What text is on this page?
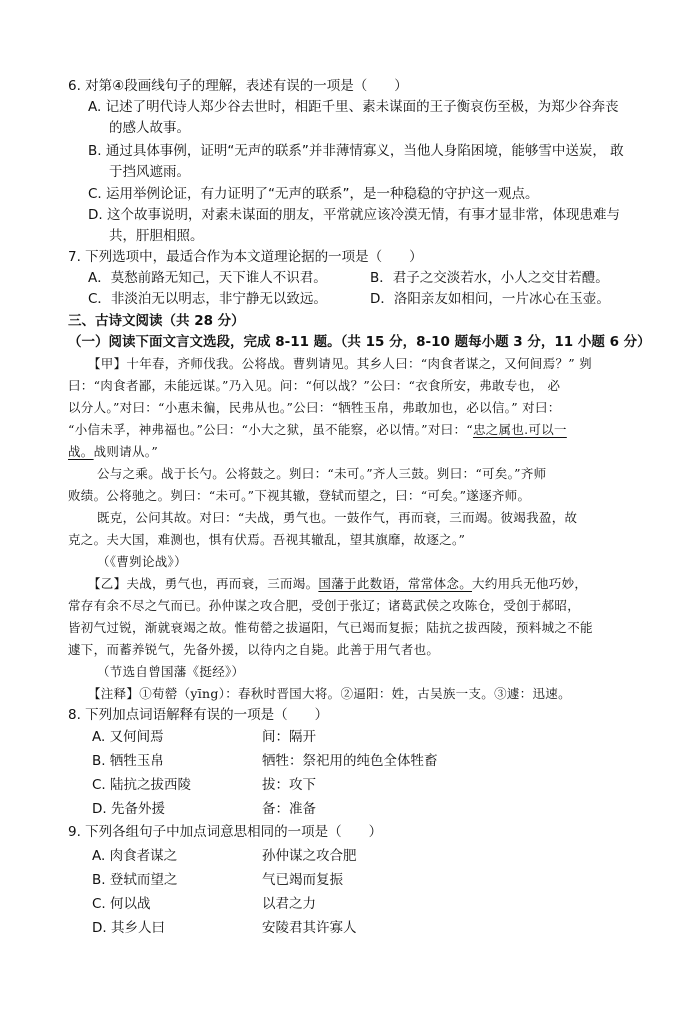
6. 对第④段画线句子的理解，表述有误的一项是（　　）
A. 记述了明代诗人郑少谷去世时，相距千里、素未谋面的王子衡哀伤至极，为郑少谷奔丧
的感人故事。
B. 通过具体事例，证明“无声的联系”并非薄情寡义，当他人身陷困境，能够雪中送炭， 敢
于挡风遮雨。
C. 运用举例论证，有力证明了“无声的联系”，是一种稳稳的守护这一观点。
D. 这个故事说明，对素未谋面的朋友，平常就应该冷漠无情，有事才显非常，体现患难与
共，肝胆相照。
7. 下列选项中，最适合作为本文道理论据的一项是（　　）
A．莫愁前路无知己，天下谁人不识君。	B．君子之交淡若水，小人之交甘若醴。
C．非淡泊无以明志，非宁静无以致远。	D．洛阳亲友如相问，一片冰心在玉壶。
三、古诗文阅读（共 28 分）
（一）阅读下面文言文选段，完成 8-11 题。（共 15 分，8-10 题每小题 3 分，11 小题 6 分）
【甲】十年春，齐师伐我。公将战。曹刿请见。其乡人曰：“肉食者谋之，又何间焉？” 刿
曰：“肉食者鄙，未能远谋。”乃入见。问：“何以战？”公曰：“衣食所安，弗敢专也， 必
以分人。”对曰：“小惠未徧，民弗从也。”公曰：“牺牲玉帛，弗敢加也，必以信。” 对曰：
“小信未孚，神弗福也。”公曰：“小大之狱，虽不能察，必以情。”对曰：“忠之属也.可以一
战。战则请从。”
公与之乘。战于长勺。公将鼓之。刿曰：“未可。”齐人三鼓。刿曰：“可矣。”齐师
败绩。公将驰之。刿曰：“未可。”下视其辙，登轼而望之，曰：“可矣。”遂逐齐师。
既克，公问其故。对曰：“夫战，勇气也。一鼓作气，再而衰，三而竭。彼竭我盈，故
克之。夫大国，难测也，惧有伏焉。吾视其辙乱，望其旗靡，故逐之。”
（《曹刿论战》）
【乙】夫战，勇气也，再而衰，三而竭。国藩于此数语，常常体念。大约用兵无他巧妙，
常存有余不尽之气而已。孙仲谋之攻合肥，受创于张辽；诸葛武侯之攻陈仓，受创于郝昭，
皆初气过锐，渐就衰竭之故。惟荀罃之拔逼阳，气已竭而复振；陆抗之拔西陵，预料城之不能
遽下，而蓄养锐气，先备外援，以待内之自毙。此善于用气者也。
（节选自曾国藩《挺经》）
【注释】①荀罃（yīng）：春秋时晋国大将。②逼阳：姓，古吴族一支。③遽：迅速。
8. 下列加点词语解释有误的一项是（　　）
A. 又何间焉	间：隔开
B. 牺牲玉帛	牺牲：祭祀用的纯色全体牲畜
C. 陆抗之拔西陵	拔：攻下
D. 先备外援	备：准备
9. 下列各组句子中加点词意思相同的一项是（　　）
A. 肉食者谋之	孙仲谋之攻合肥
B. 登轼而望之	气已竭而复振
C. 何以战	以君之力
D. 其乡人曰	安陵君其许寡人
